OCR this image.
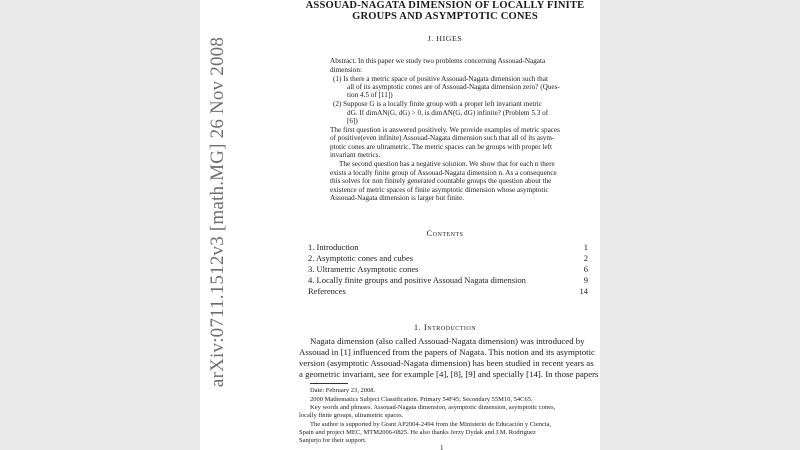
ASSOUAD-NAGATA DIMENSION OF LOCALLY FINITE
GROUPS AND ASYMPTOTIC CONES
J. HIGES
Abstract. In this paper we study two problems concerning Assouad-Nagata
dimension:
(1) Is there a metric space of positive Assouad-Nagata dimension such that
all of its asymptotic cones are of Assouad-Nagata dimension zero? (Ques-
tion 4.5 of [11])
(2) Suppose G is a locally finite group with a proper left invariant metric
dG. If dimAN(G, dG) > 0, is dimAN(G, dG) infinite? (Problem 5.3 of
[6])
The first question is answered positively. We provide examples of metric spaces
of positive(even infinite) Assouad-Nagata dimension such that all of its asym-
ptotic cones are ultrametric. The metric spaces can be groups with proper left
invariant metrics.
The second question has a negative solution. We show that for each n there
exists a locally finite group of Assouad-Nagata dimension n. As a consequence
this solves for non finitely generated countable groups the question about the
existence of metric spaces of finite asymptotic dimension whose asymptotic
Assouad-Nagata dimension is larger but finite.
Contents
1. Introduction	1
2. Asymptotic cones and cubes	2
3. Ultrametric Asymptotic cones	6
4. Locally finite groups and positive Assouad Nagata dimension	9
References	14
1. Introduction
Nagata dimension (also called Assouad-Nagata dimension) was introduced by
Assouad in [1] influenced from the papers of Nagata. This notion and its asymptotic
version (asymptotic Assouad-Nagata dimension) has been studied in recent years as
a geometric invariant, see for example [4], [8], [9] and specially [14]. In those papers
Date: February 23, 2008.
2000 Mathematics Subject Classification. Primary 54F45; Secondary 55M10, 54C65.
Key words and phrases. Assouad-Nagata dimension, asymptotic dimension, asymptotic cones,
locally finite groups, ultrametric spaces.
The author is supported by Grant AP2004-2494 from the Ministerio de Educación y Ciencia,
Spain and project MEC, MTM2006-0825. He also thanks Jerzy Dydak and J.M. Rodriguez
Sanjurjo for their support.
1
arXiv:0711.1512v3 [math.MG] 26 Nov 2008
